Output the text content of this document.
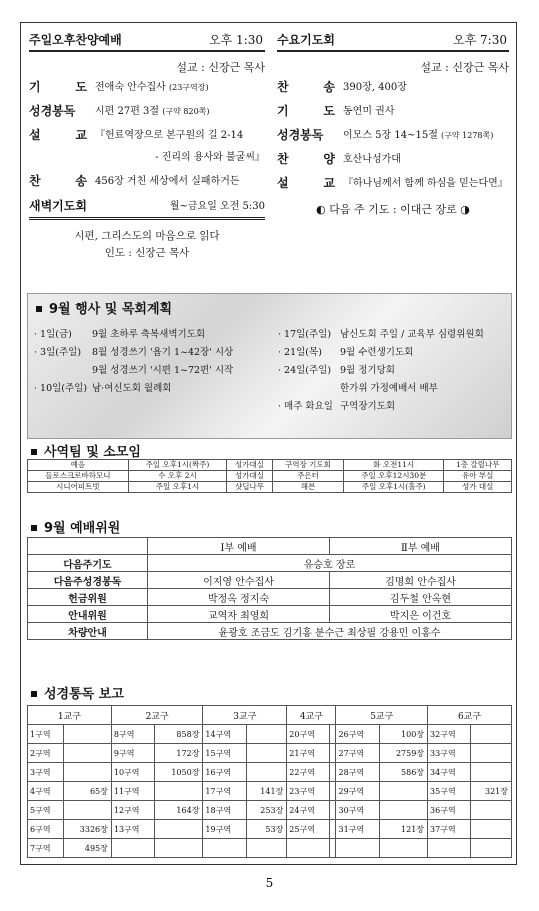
주일오후찬양예배	오후 1:30
설교 : 신장근 목사
기	도 전애숙 안수집사 (23구역장)
성경봉독	시편 27편 3절 (구약 820쪽)
설	교 『헌료역장으로 본구원의 길 2-14
- 진리의 용사와 불굴씨』
찬	송 456장 거친 세상에서 실패하거든
새벽기도회	월~금요일 오전 5:30
시편, 그리스도의 마음으로 읽다
인도 : 신장근 목사
수요기도회	오후 7:30
설교 : 신장근 목사
찬	송 390장, 400장
기	도 동연미 권사
성경봉독	이모스 5장 14~15절 (구약 1278쪽)
찬	양 호산나성가대
설	교 『하나님께서 함께 하심을 믿는다면』
◐ 다음 주 기도 : 이대근 장로 ◑
9월 행사 및 목회계획
· 1일(금)	9월 초하루 축복새벽기도회
· 3일(주일)	8월 성경쓰기 '욥기 1~42장' 시상
9월 성경쓰기 '시편 1~72편' 시작
· 10일(주일) 남·여신도회 월례회
· 17일(주일) 남신도회 주일 / 교육부 심령위원회
· 21일(목)	9월 수련생기도회
· 24일(주일) 9월 정기당회
한가위 가정예배서 배부
· 매주 화요일 구역장기도회
사역팀 및 소모임
예음	주일 오후1시(짝주)	성가대실	구역장 기도회	화 오전11시	1층 갈릴나무
들로스크로바하모니	수 오후 2시	성가대실	주은터	주일 오후12시30분	유아 부실
시니어피트빗	주일 오후1시	샷딥나무	해븐	주일 오후1시(홀주)	성가 대실
9월 예배위원
	Ⅰ부 예배	Ⅱ부 예배
다음주기도	유승호 장로	
다음주성경봉독	이지영 안수집사	김명희 안수집사
헌금위원	박정옥 정지숙	김두철 안옥현
안내위원	교역자 최영희	박지은 이건호
차량안내	윤광호 조금도 김기홍 분수근 최상필 강용민 이홍수	
성경통독 보고
1교구		2교구		3교구		4교구		5교구		6교구	
1구역		8구역	858장	14구역		20구역		26구역	100장	32구역	
2구역		9구역	172장	15구역		21구역		27구역	2759장	33구역	
3구역		10구역	1050장	16구역		22구역		28구역	586장	34구역	
4구역	65장	11구역		17구역	141장	23구역		29구역		35구역	321장
5구역		12구역	164장	18구역	253장	24구역		30구역		36구역	
6구역	3326장	13구역		19구역	53장	25구역		31구역	121장	37구역	
7구역	495장										
5
